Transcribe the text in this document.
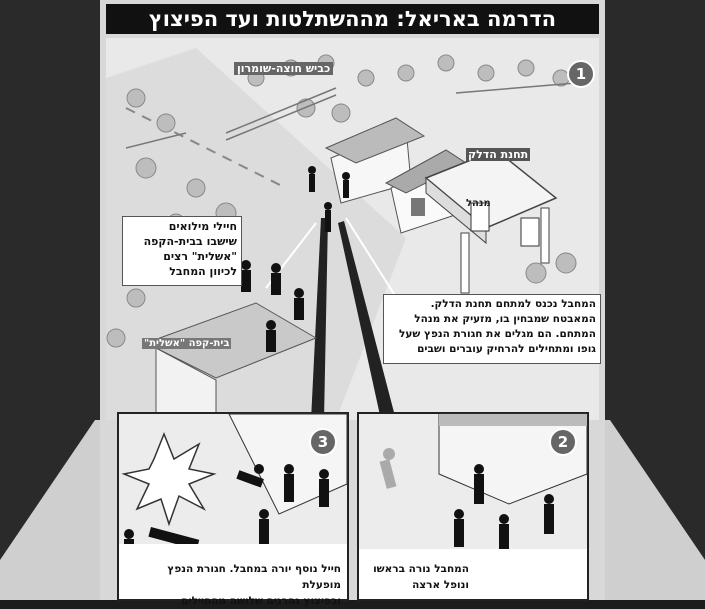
הדרמה באריאל: מההשתלטות ועד הפיצוץ
1
כביש חוצה-שומרון
תחנת הדלק
מנהל
בית-קפה "אשלית"
חיילי מילואים
שישבו בבית-הקפה
"אשלית" רצים
לכיוון המחבל
המחבל נכנס למתחם תחנת הדלק.
המאבטח שמבחין בו, מזעיק את מנהל
המתחם. הם מגלים את חגורת הנפץ שעל
גופו ומתחילים להרחיק עוברים ושבים
3
חייל נוסף יורה במחבל. חגורת הנפץ מופעלת
ובפיצוץ נהרגים שלושה מהחיילים
2
המחבל נורה בראשו
ונופל ארצה
